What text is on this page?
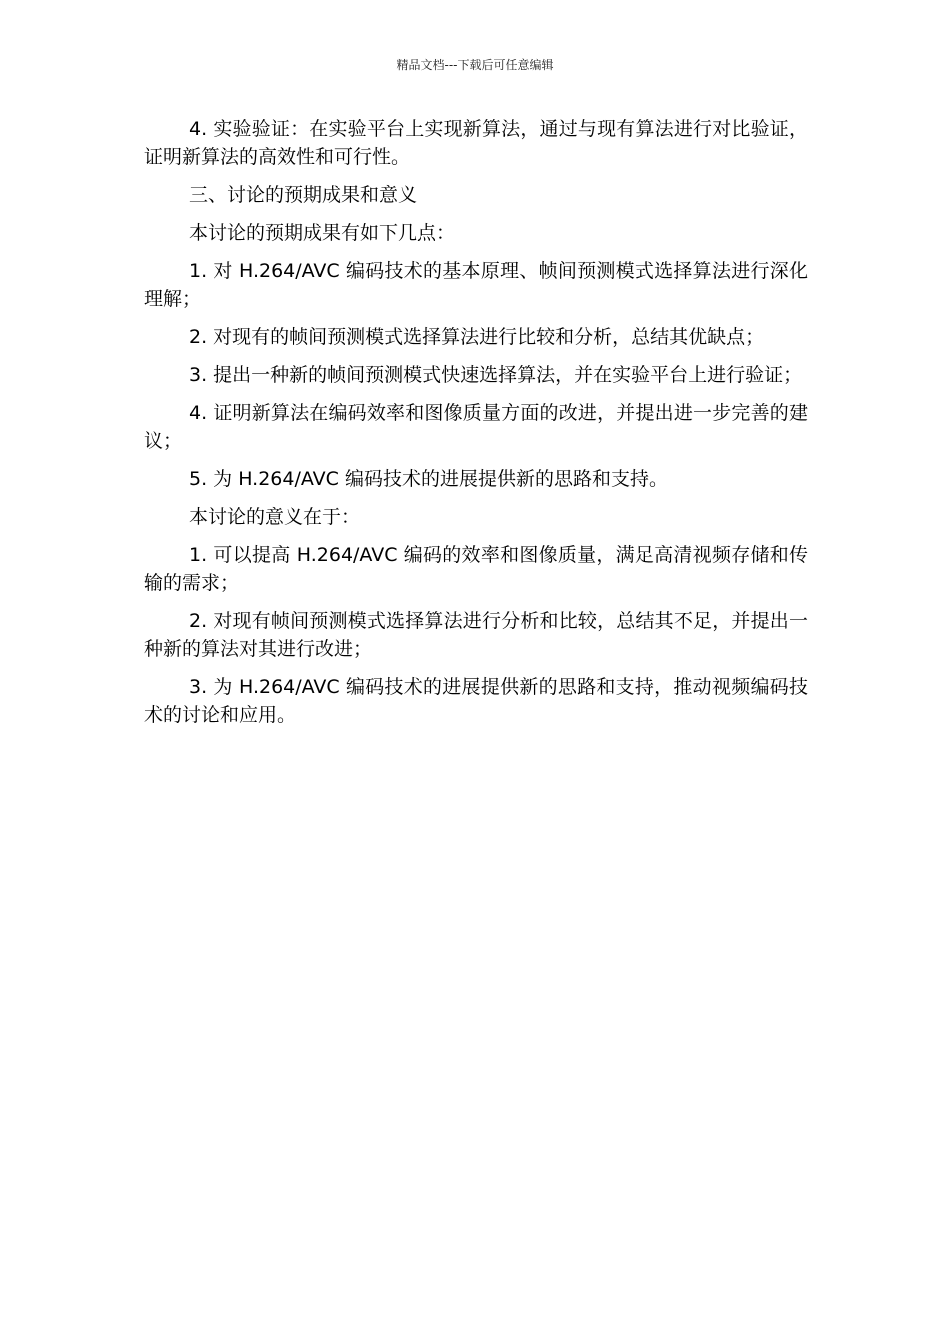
精品文档---下载后可任意编辑

4. 实验验证：在实验平台上实现新算法，通过与现有算法进行对比验证，证明新算法的高效性和可行性。

三、讨论的预期成果和意义

本讨论的预期成果有如下几点：

1. 对 H.264/AVC 编码技术的基本原理、帧间预测模式选择算法进行深化理解；

2. 对现有的帧间预测模式选择算法进行比较和分析，总结其优缺点；

3. 提出一种新的帧间预测模式快速选择算法，并在实验平台上进行验证；

4. 证明新算法在编码效率和图像质量方面的改进，并提出进一步完善的建议；

5. 为 H.264/AVC 编码技术的进展提供新的思路和支持。

本讨论的意义在于：

1. 可以提高 H.264/AVC 编码的效率和图像质量，满足高清视频存储和传输的需求；

2. 对现有帧间预测模式选择算法进行分析和比较，总结其不足，并提出一种新的算法对其进行改进；

3. 为 H.264/AVC 编码技术的进展提供新的思路和支持，推动视频编码技术的讨论和应用。
